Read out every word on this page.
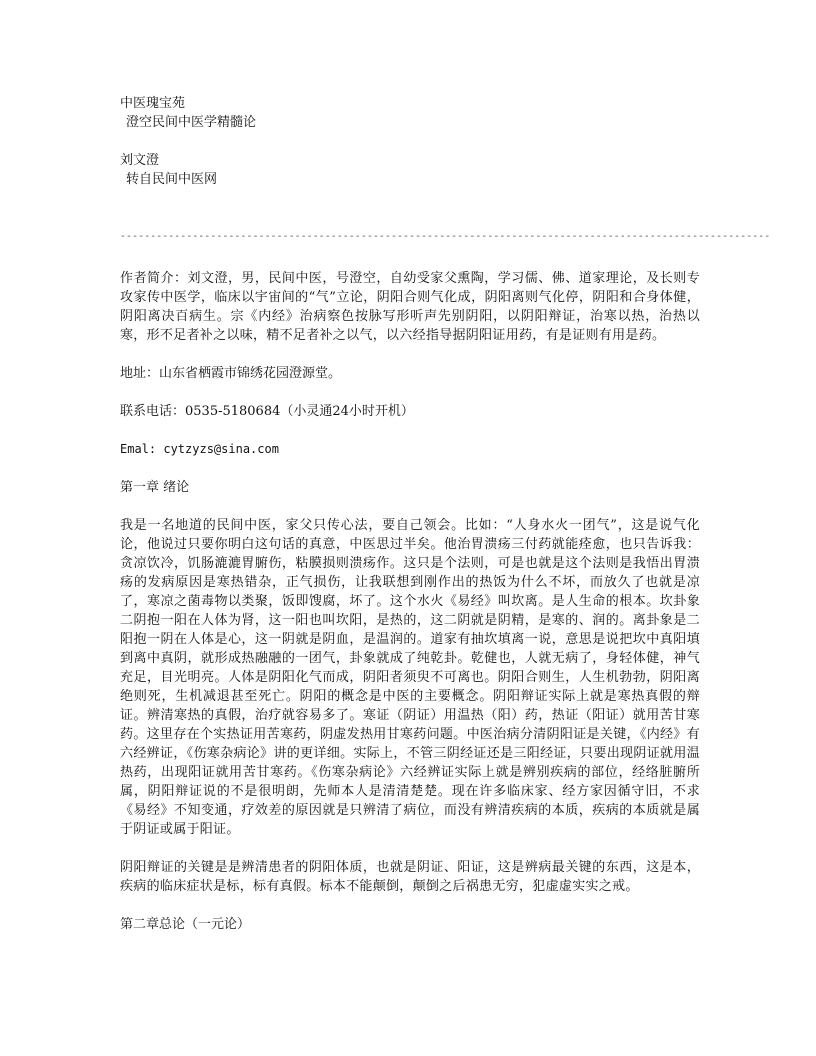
中医瑰宝苑

澄空民间中医学精髓论

刘文澄

转自民间中医网

------------------------------------------------------------------------------------------------------------

作者简介：刘文澄，男，民间中医，号澄空，自幼受家父熏陶，学习儒、佛、道家理论，及长则专攻家传中医学，临床以宇宙间的“气”立论，阴阳合则气化成，阴阳离则气化停，阴阳和合身体健，阴阳离决百病生。宗《内经》治病察色按脉写形听声先别阴阳，以阴阳辩证，治寒以热，治热以寒，形不足者补之以味，精不足者补之以气，以六经指导据阴阳证用药，有是证则有用是药。

地址：山东省栖霞市锦绣花园澄源堂。

联系电话：0535-5180684（小灵通24小时开机）

Emal: cytzyzs@sina.com

第一章 绪论

我是一名地道的民间中医，家父只传心法，要自己领会。比如：“人身水火一团气”，这是说气化论，他说过只要你明白这句话的真意，中医思过半矣。他治胃溃疡三付药就能痊愈，也只告诉我：贪凉饮冷，饥肠漉漉胃腑伤，粘膜损则溃疡作。这只是个法则，可是也就是这个法则是我悟出胃溃疡的发病原因是寒热错杂，正气损伤，让我联想到刚作出的热饭为什么不坏，而放久了也就是凉了，寒凉之菌毒物以类聚，饭即馊腐，坏了。这个水火《易经》叫坎离。是人生命的根本。坎卦象二阴抱一阳在人体为肾，这一阳也叫坎阳，是热的，这二阴就是阴精，是寒的、润的。离卦象是二阳抱一阴在人体是心，这一阴就是阴血，是温润的。道家有抽坎填离一说，意思是说把坎中真阳填到离中真阴，就形成热融融的一团气，卦象就成了纯乾卦。乾健也，人就无病了，身轻体健，神气充足，目光明亮。人体是阴阳化气而成，阴阳者须臾不可离也。阴阳合则生，人生机勃勃，阴阳离绝则死，生机减退甚至死亡。阴阳的概念是中医的主要概念。阴阳辩证实际上就是寒热真假的辩证。辨清寒热的真假，治疗就容易多了。寒证（阴证）用温热（阳）药，热证（阳证）就用苦甘寒药。这里存在个实热证用苦寒药，阴虚发热用甘寒药问题。中医治病分清阴阳证是关键，《内经》有六经辨证，《伤寒杂病论》讲的更详细。实际上，不管三阴经证还是三阳经证，只要出现阴证就用温热药，出现阳证就用苦甘寒药。《伤寒杂病论》六经辨证实际上就是辨别疾病的部位，经络脏腑所属，阴阳辩证说的不是很明朗，先师本人是清清楚楚。现在许多临床家、经方家因循守旧，不求《易经》不知变通，疗效差的原因就是只辨清了病位，而没有辨清疾病的本质，疾病的本质就是属于阴证或属于阳证。

阴阳辩证的关键是是辨清患者的阴阳体质，也就是阴证、阳证，这是辨病最关键的东西，这是本，疾病的临床症状是标，标有真假。标本不能颠倒，颠倒之后祸患无穷，犯虚虚实实之戒。

第二章总论（一元论）
